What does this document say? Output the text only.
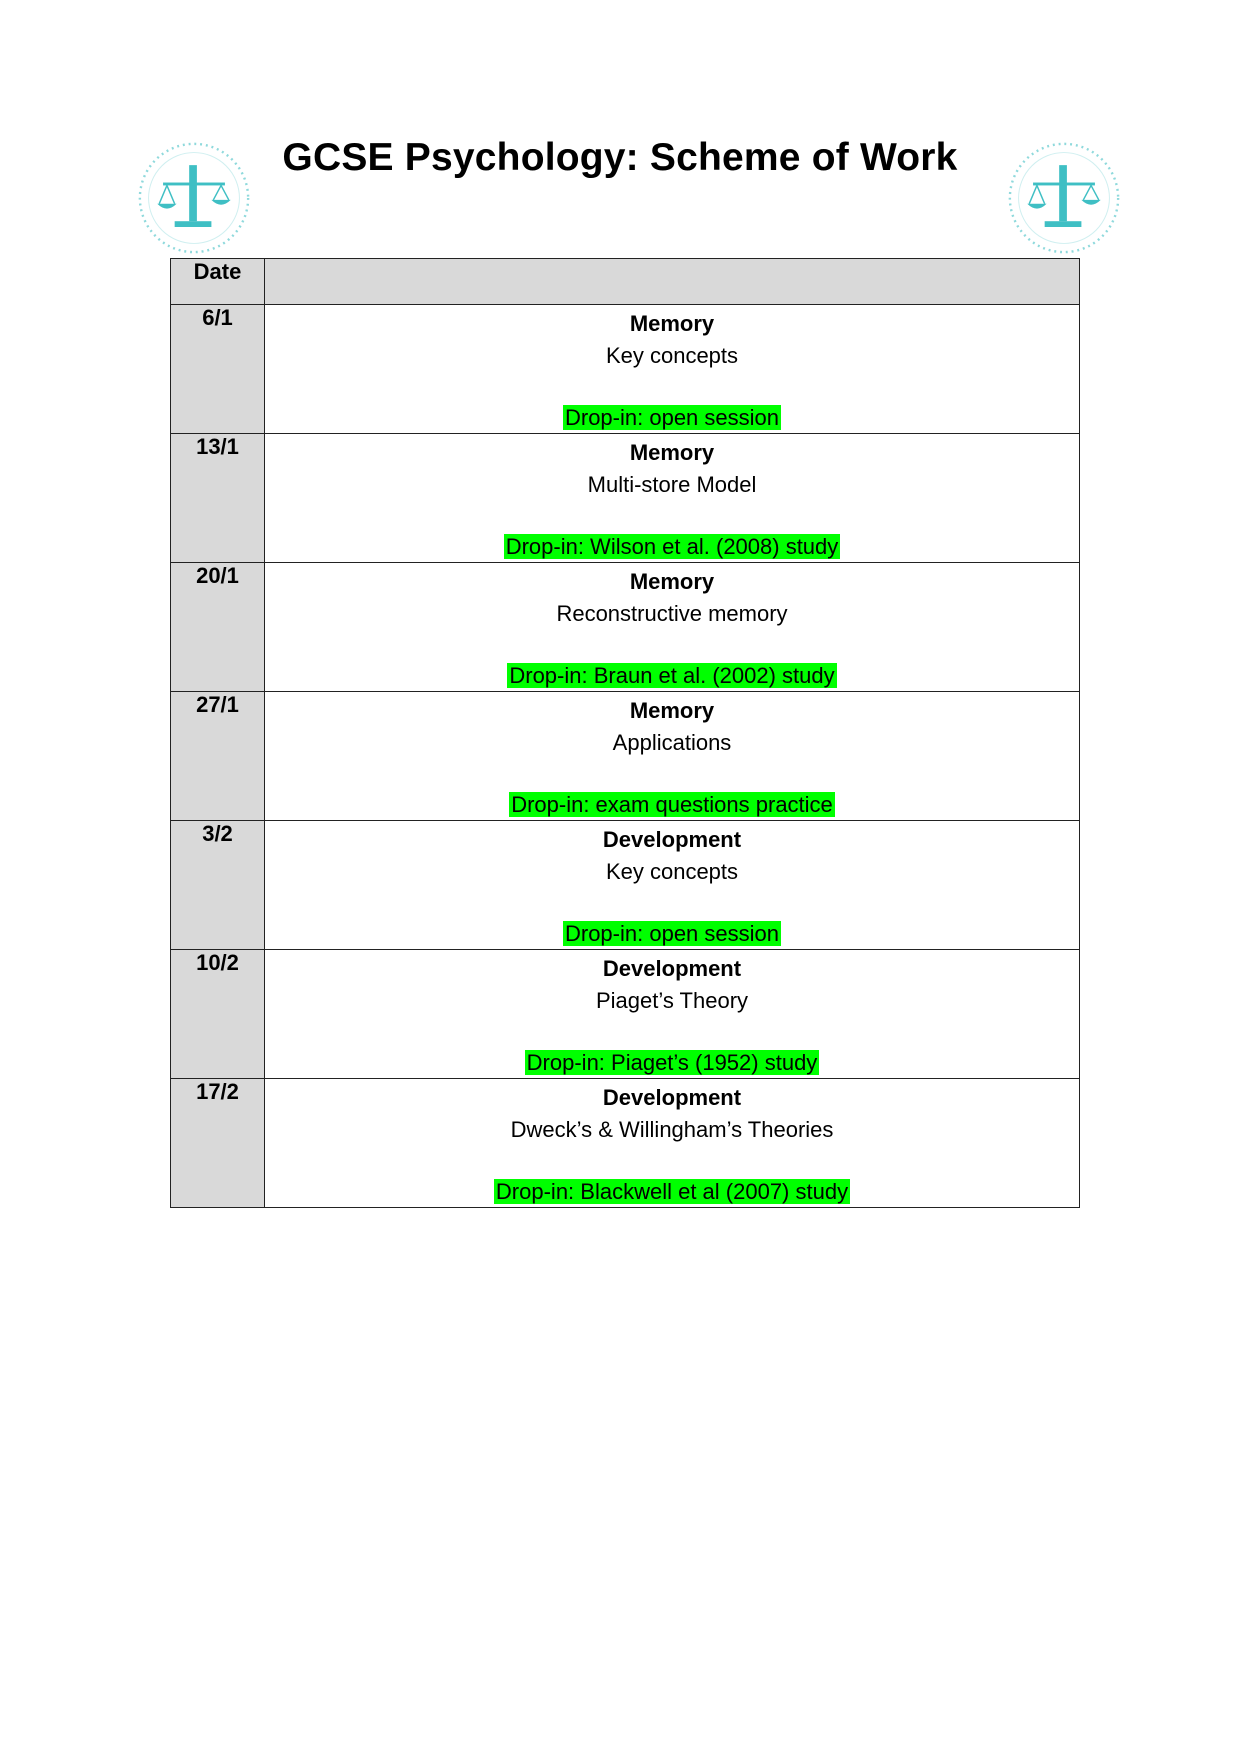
GCSE Psychology: Scheme of Work
Date	
6/1	Memory
Key concepts
Drop-in: open session

13/1	Memory
Multi-store Model
Drop-in: Wilson et al. (2008) study

20/1	Memory
Reconstructive memory
Drop-in: Braun et al. (2002) study

27/1	Memory
Applications
Drop-in: exam questions practice

3/2	Development
Key concepts
Drop-in: open session

10/2	Development
Piaget’s Theory
Drop-in: Piaget’s (1952) study

17/2	Development
Dweck’s & Willingham’s Theories
Drop-in: Blackwell et al (2007) study
